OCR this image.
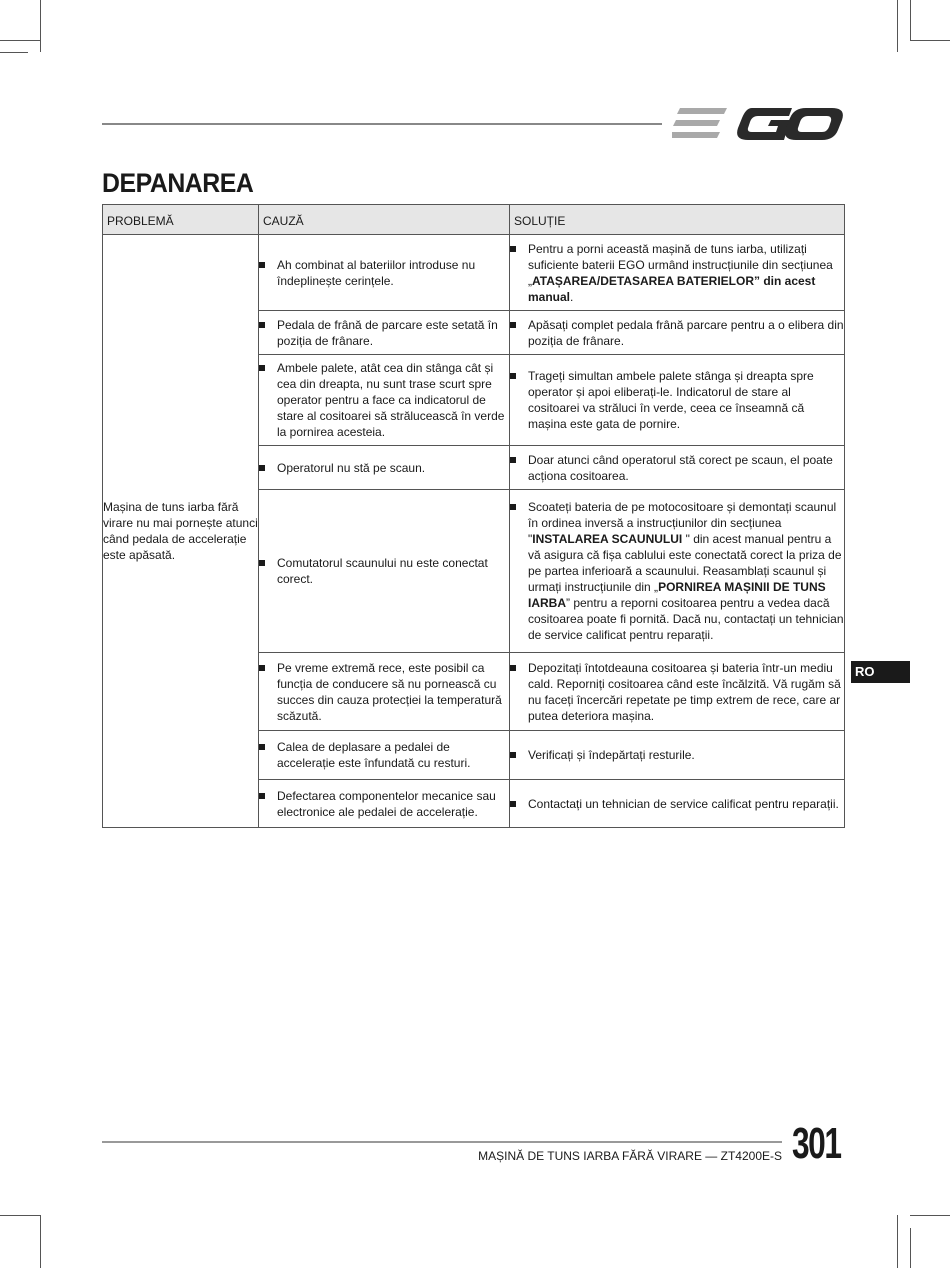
DEPANAREA
PROBLEMĂ	CAUZĂ	SOLUȚIE
Mașina de tuns iarba fără virare nu mai pornește atunci când pedala de accelerație este apăsată.	Ah combinat al bateriilor introduse nu îndeplinește cerințele.	Pentru a porni această mașină de tuns iarba, utilizați suficiente baterii EGO urmând instrucțiunile din secțiunea „ATAȘAREA/DETASAREA BATERIELOR” din acest manual.

	Pedala de frână de parcare este setată în poziția de frânare.	Apăsați complet pedala frână parcare pentru a o elibera din poziția de frânare.

	Ambele palete, atât cea din stânga cât și cea din dreapta, nu sunt trase scurt spre operator pentru a face ca indicatorul de stare al cositoarei să strălucească în verde la pornirea acesteia.	Trageți simultan ambele palete stânga și dreapta spre operator și apoi eliberați-le. Indicatorul de stare al cositoarei va străluci în verde, ceea ce înseamnă că mașina este gata de pornire.

	Operatorul nu stă pe scaun.	Doar atunci când operatorul stă corect pe scaun, el poate acționa cositoarea.

	Comutatorul scaunului nu este conectat corect.	Scoateți bateria de pe motocositoare și demontați scaunul în ordinea inversă a instrucțiunilor din secțiunea "INSTALAREA SCAUNULUI " din acest manual pentru a vă asigura că fișa cablului este conectată corect la priza de pe partea inferioară a scaunului. Reasamblați scaunul și urmați instrucțiunile din „PORNIREA MAȘINII DE TUNS IARBA” pentru a reporni cositoarea pentru a vedea dacă cositoarea poate fi pornită. Dacă nu, contactați un tehnician de service calificat pentru reparații.

	Pe vreme extremă rece, este posibil ca funcția de conducere să nu pornească cu succes din cauza protecției la temperatură scăzută.	Depozitați întotdeauna cositoarea și bateria într-un mediu cald. Reporniți cositoarea când este încălzită. Vă rugăm să nu faceți încercări repetate pe timp extrem de rece, care ar putea deteriora mașina.

	Calea de deplasare a pedalei de accelerație este înfundată cu resturi.	Verificați și îndepărtați resturile.

	Defectarea componentelor mecanice sau electronice ale pedalei de accelerație.	Contactați un tehnician de service calificat pentru reparații.
RO
MAȘINĂ DE TUNS IARBA FĂRĂ VIRARE — ZT4200E-S 301
